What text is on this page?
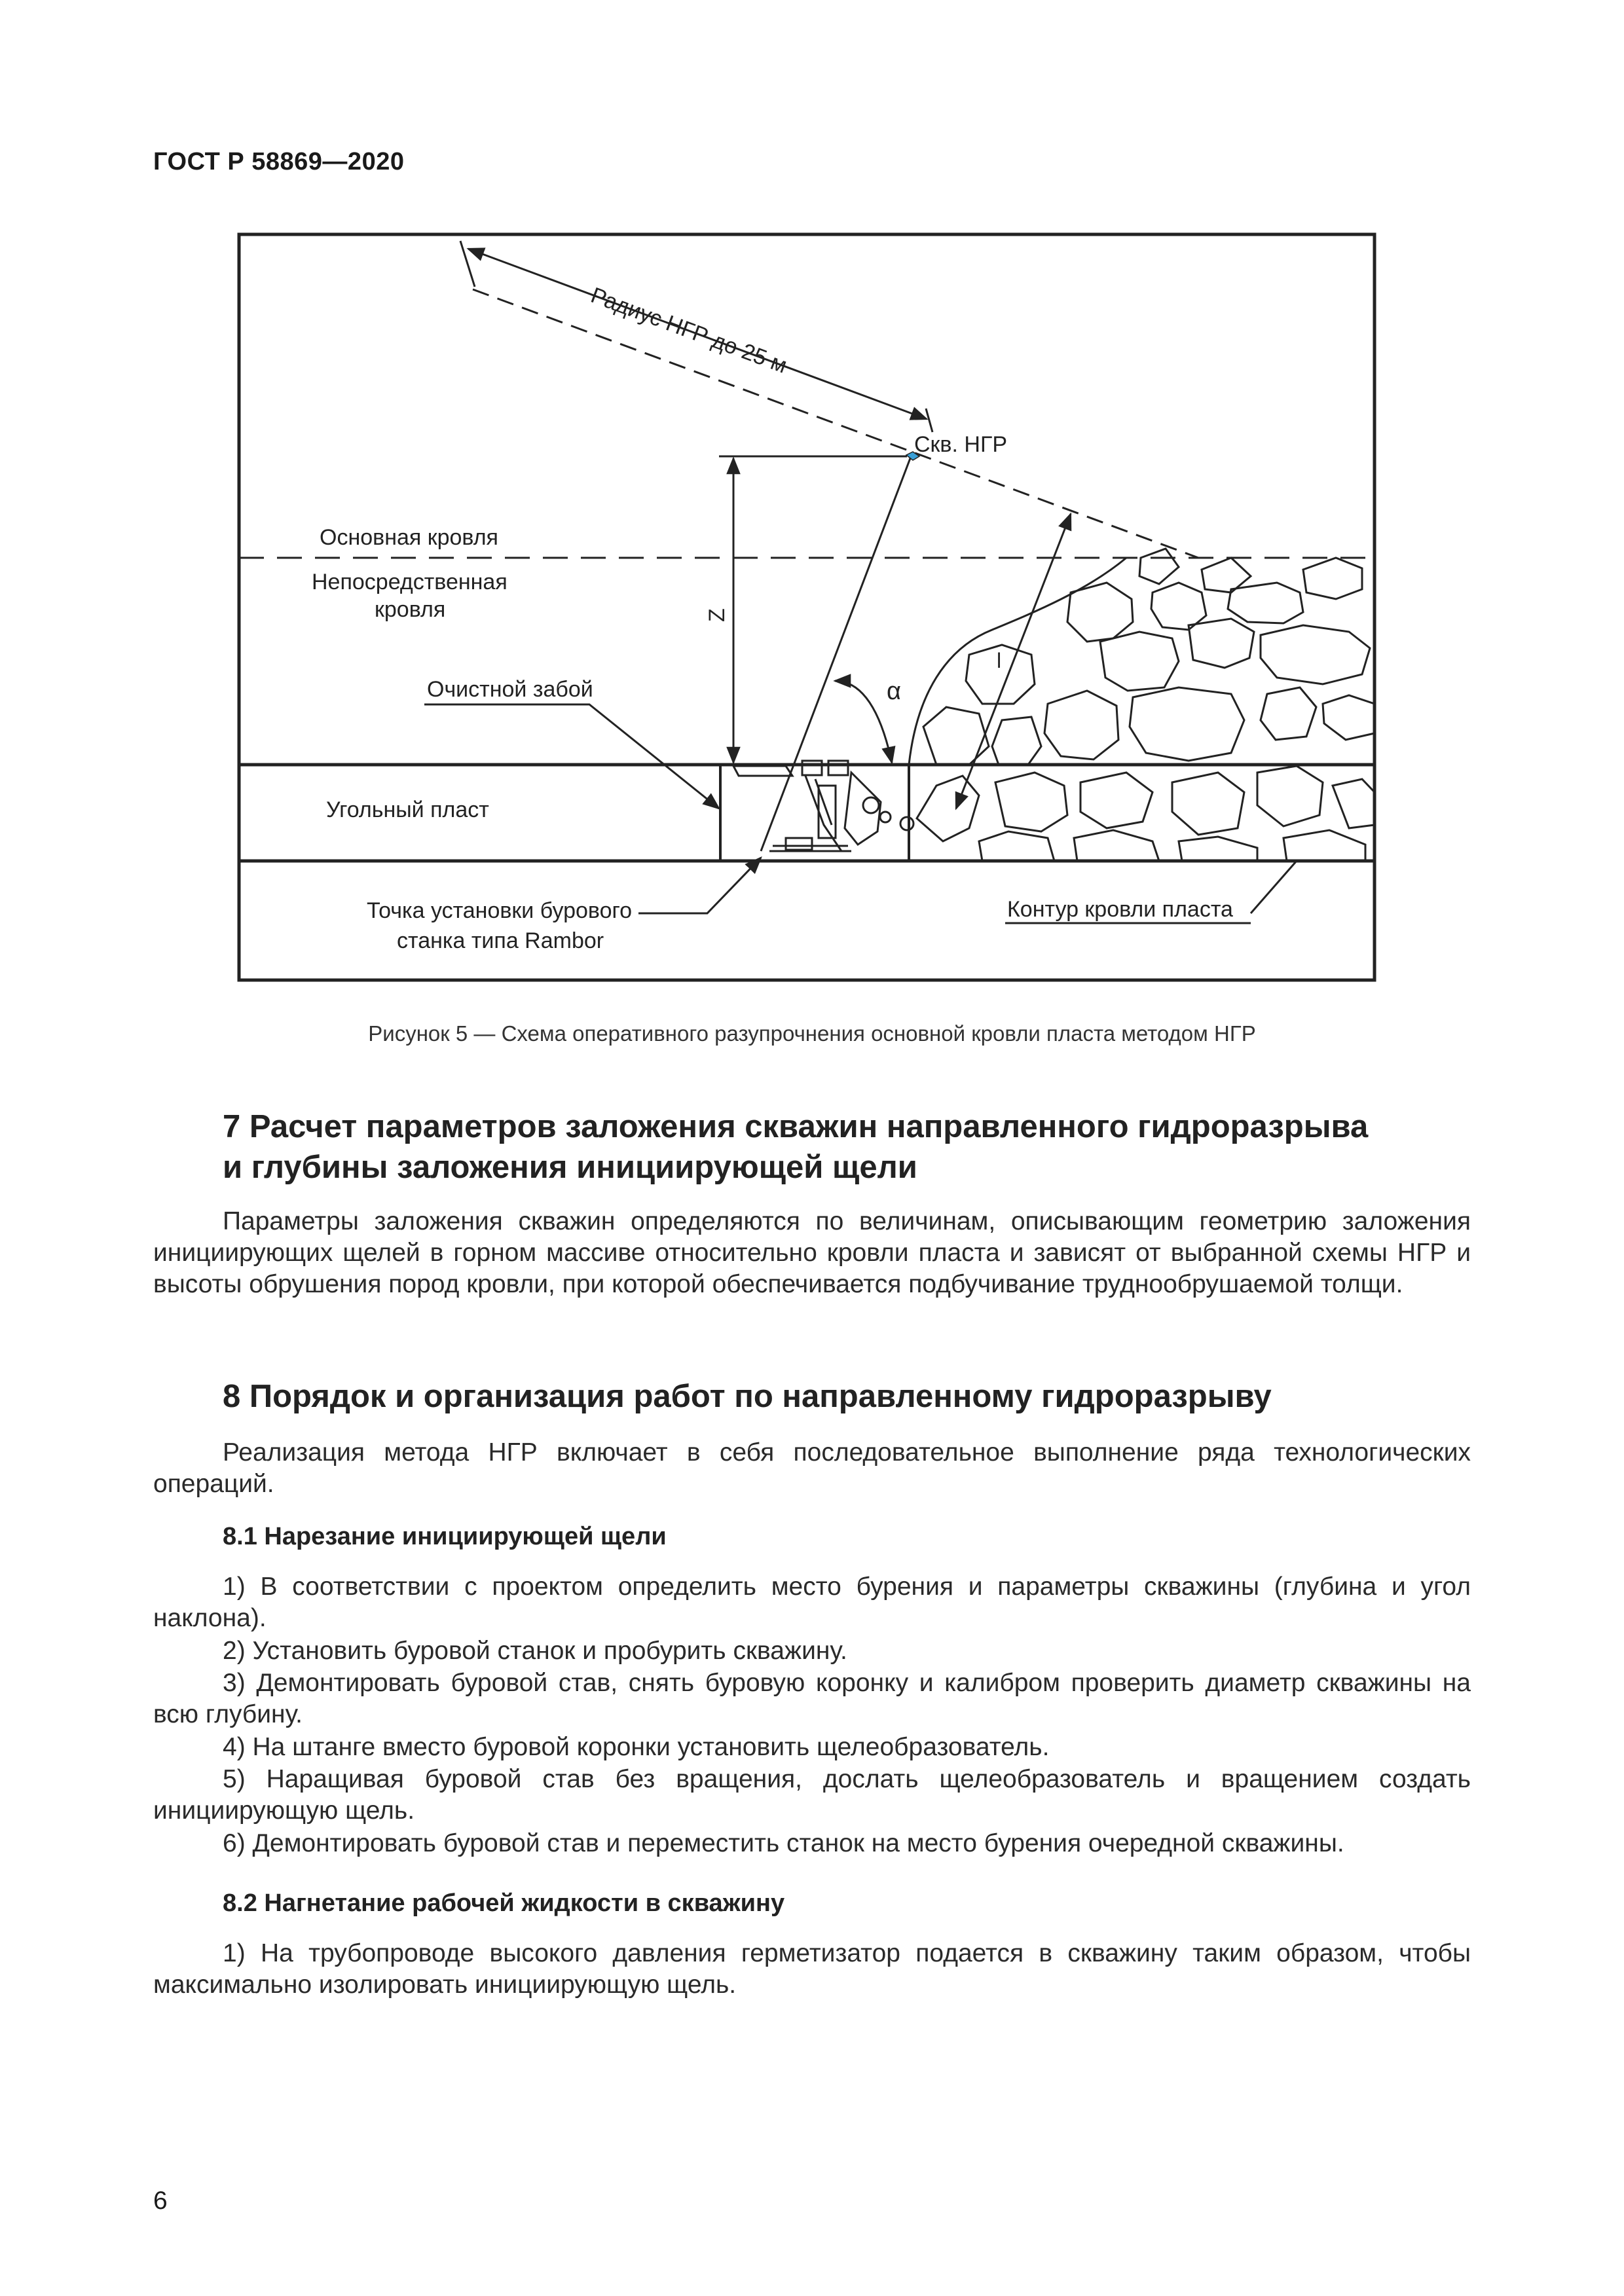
ГОСТ Р 58869—2020
Радиус НГР до 25 м
Скв. НГР
Основная кровля
Непосредственная
кровля	Z
α
l
Очистной забой
Угольный пласт
Точка установки бурового
станка типа Rambor
Контур кровли пласта

Рисунок 5 — Схема оперативного разупрочнения основной кровли пласта методом НГР

7 Расчет параметров заложения скважин направленного гидроразрыва
и глубины заложения инициирующей щели

Параметры заложения скважин определяются по величинам, описывающим геометрию заложения инициирующих щелей в горном массиве относительно кровли пласта и зависят от выбранной схемы НГР и высоты обрушения пород кровли, при которой обеспечивается подбучивание труднообрушаемой толщи.

8 Порядок и организация работ по направленному гидроразрыву

Реализация метода НГР включает в себя последовательное выполнение ряда технологических операций.

8.1 Нарезание инициирующей щели

1) В соответствии с проектом определить место бурения и параметры скважины (глубина и угол наклона).

2) Установить буровой станок и пробурить скважину.

3) Демонтировать буровой став, снять буровую коронку и калибром проверить диаметр скважины на всю глубину.

4) На штанге вместо буровой коронки установить щелеобразователь.

5) Наращивая буровой став без вращения, дослать щелеобразователь и вращением создать инициирующую щель.

6) Демонтировать буровой став и переместить станок на место бурения очередной скважины.

8.2 Нагнетание рабочей жидкости в скважину

1) На трубопроводе высокого давления герметизатор подается в скважину таким образом, чтобы максимально изолировать инициирующую щель.

6
